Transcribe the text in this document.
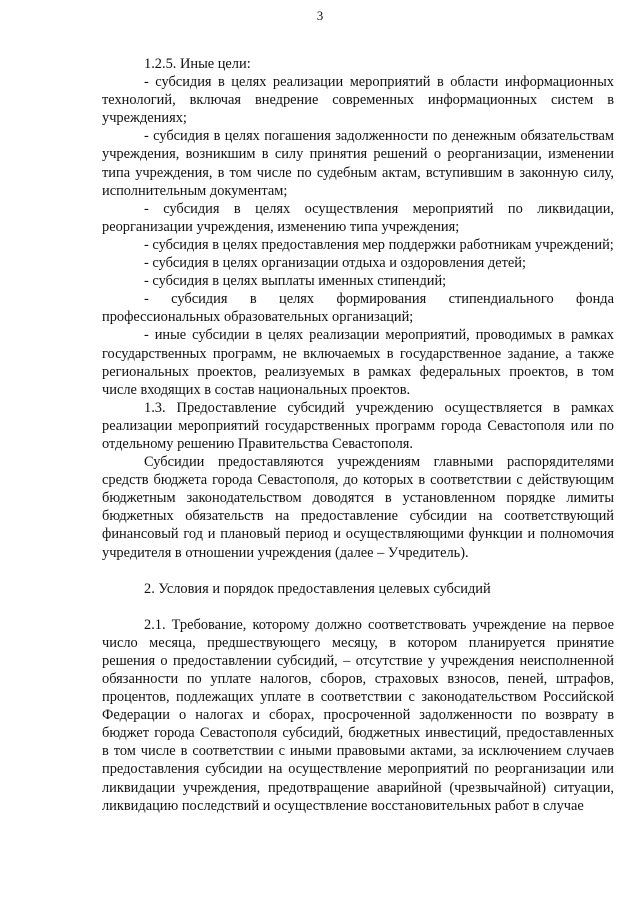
3

1.2.5. Иные цели:

- субсидия в целях реализации мероприятий в области информационных технологий, включая внедрение современных информационных систем в учреждениях;

- субсидия в целях погашения задолженности по денежным обязательствам учреждения, возникшим в силу принятия решений о реорганизации, изменении типа учреждения, в том числе по судебным актам, вступившим в законную силу, исполнительным документам;

- субсидия в целях осуществления мероприятий по ликвидации, реорганизации учреждения, изменению типа учреждения;

- субсидия в целях предоставления мер поддержки работникам учреждений;

- субсидия в целях организации отдыха и оздоровления детей;

- субсидия в целях выплаты именных стипендий;

- субсидия в целях формирования стипендиального фонда профессиональных образовательных организаций;

- иные субсидии в целях реализации мероприятий, проводимых в рамках государственных программ, не включаемых в государственное задание, а также региональных проектов, реализуемых в рамках федеральных проектов, в том числе входящих в состав национальных проектов.

1.3. Предоставление субсидий учреждению осуществляется в рамках реализации мероприятий государственных программ города Севастополя или по отдельному решению Правительства Севастополя.

Субсидии предоставляются учреждениям главными распорядителями средств бюджета города Севастополя, до которых в соответствии с действующим бюджетным законодательством доводятся в установленном порядке лимиты бюджетных обязательств на предоставление субсидии на соответствующий финансовый год и плановый период и осуществляющими функции и полномочия учредителя в отношении учреждения (далее – Учредитель).

2. Условия и порядок предоставления целевых субсидий

2.1. Требование, которому должно соответствовать учреждение на первое число месяца, предшествующего месяцу, в котором планируется принятие решения о предоставлении субсидий, – отсутствие у учреждения неисполненной обязанности по уплате налогов, сборов, страховых взносов, пеней, штрафов, процентов, подлежащих уплате в соответствии с законодательством Российской Федерации о налогах и сборах, просроченной задолженности по возврату в бюджет города Севастополя субсидий, бюджетных инвестиций, предоставленных в том числе в соответствии с иными правовыми актами, за исключением случаев предоставления субсидии на осуществление мероприятий по реорганизации или ликвидации учреждения, предотвращение аварийной (чрезвычайной) ситуации, ликвидацию последствий и осуществление восстановительных работ в случае
